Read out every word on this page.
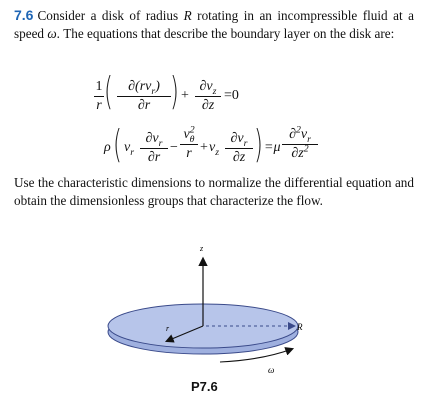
7.6 Consider a disk of radius R rotating in an incompressible fluid at a speed ω. The equations that describe the boundary layer on the disk are:
$\frac{1}{r}$ (	$\partial(rv_r)$
∂r ) + $\frac{\partial v_z}{\partial z} =0$
ρ ( $v_r \frac{\partial v_r}{\partial r} - \frac{v^2_\theta}{r} + v_z \frac{\partial v_r}{\partial z}$ ) $=\mu \frac{\partial^2v_r}{\partial z^2}$
Use the characteristic dimensions to normalize the differential equation and obtain the dimensionless groups that characterize the flow.
z
r	R
ω
P7.6
